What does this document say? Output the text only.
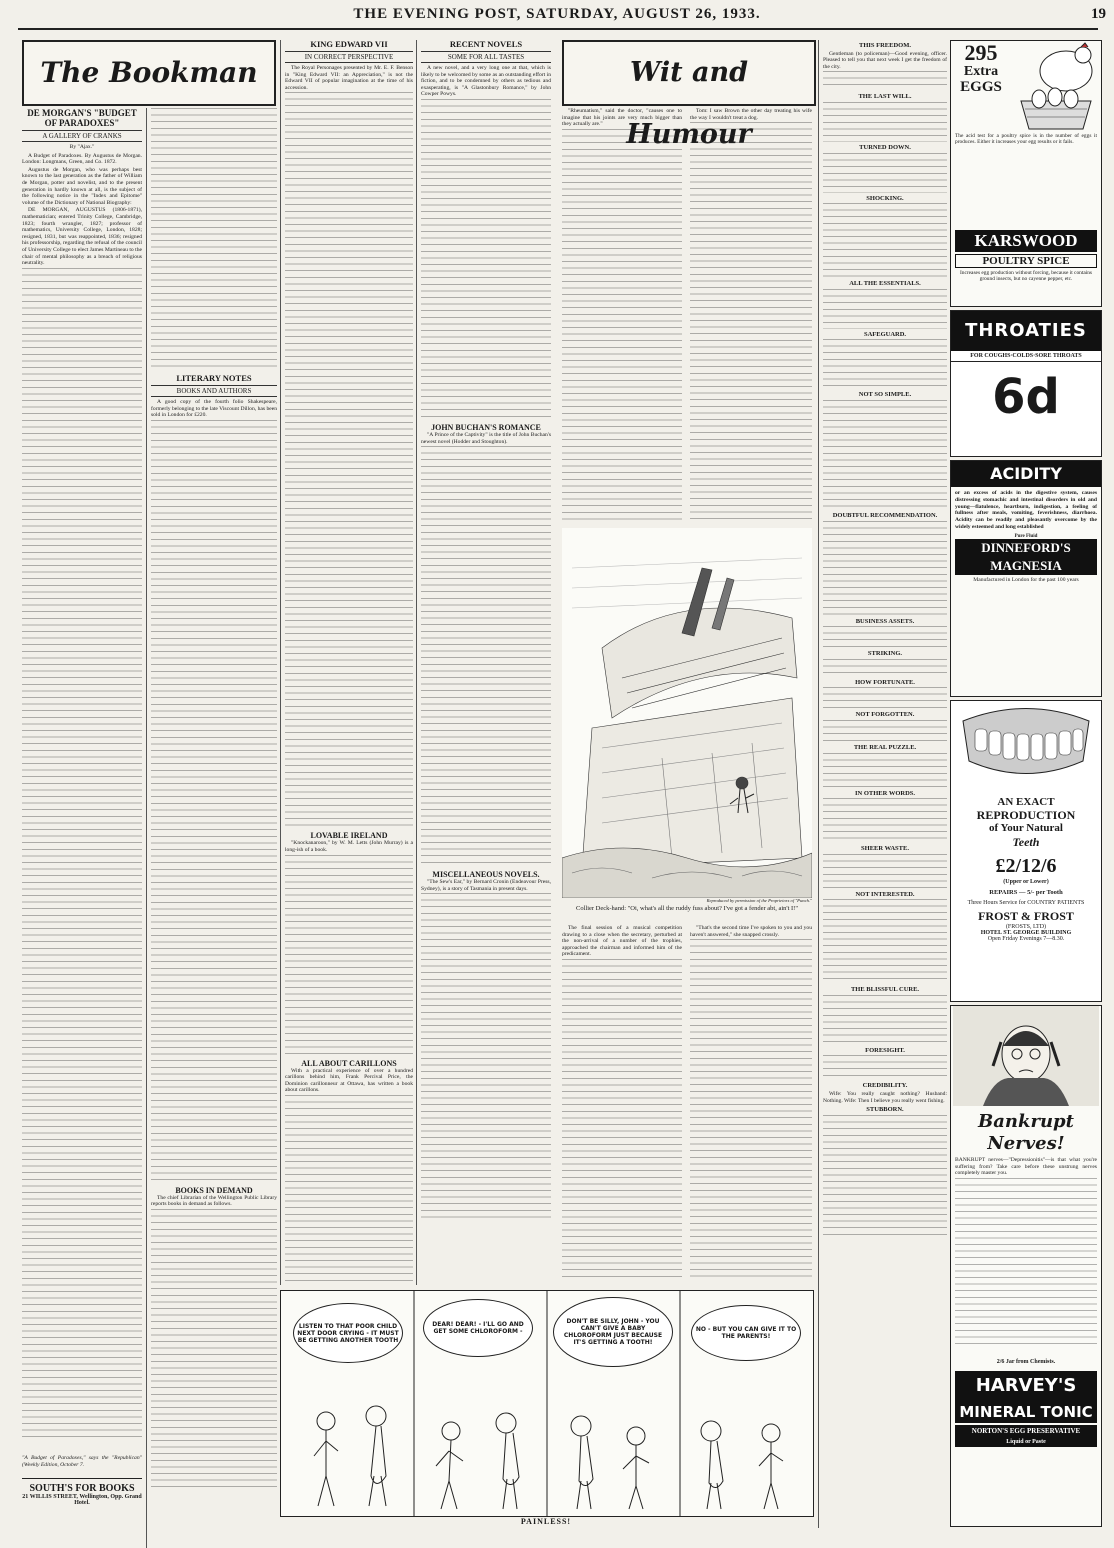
THE EVENING POST, SATURDAY, AUGUST 26, 1933.	19
The Bookman
DE MORGAN'S "BUDGET OF PARADOXES"
A GALLERY OF CRANKS
By "Ajax."

A Budget of Paradoxes. By Augustus de Morgan. London: Longmans, Green, and Co. 1872.

Augustus de Morgan, who was perhaps best known to the last generation as the father of William de Morgan, potter and novelist, and to the present generation in hardly known at all, is the subject of the following notice in the "Index and Epitome" volume of the Dictionary of National Biography:

DE MORGAN, AUGUSTUS (1806-1871), mathematician; entered Trinity College, Cambridge, 1823; fourth wrangler, 1827; professor of mathematics, University College, London, 1828; resigned, 1831, but was reappointed, 1836; resigned his professorship, regarding the refusal of the council of University College to elect James Martineau to the chair of mental philosophy as a breach of religious neutrality.

LITERARY NOTES
BOOKS AND AUTHORS

A good copy of the fourth folio Shakespeare, formerly belonging to the late Viscount Dillon, has been sold in London for £220.

BOOKS IN DEMAND

The chief Librarian of the Wellington Public Library reports books in demand as follows.

SOUTH'S FOR BOOKS
21 WILLIS STREET, Wellington, Opp. Grand Hotel.
"A Budget of Paradoxes," says the "Republican" (Weekly Edition, October 7.
KING EDWARD VII
IN CORRECT PERSPECTIVE

The Royal Personages presented by Mr. E. F. Benson in "King Edward VII: an Appreciation," is not the Edward VII of popular imagination at the time of his accession.

LOVABLE IRELAND

"Knockanaroon," by W. M. Letts (John Murray) is a long-ish of a book.

ALL ABOUT CARILLONS

With a practical experience of over a hundred carillons behind him, Frank Percival Price, the Dominion carillonneur at Ottawa, has written a book about carillons.

RECENT NOVELS
SOME FOR ALL TASTES

A new novel, and a very long one at that, which is likely to be welcomed by some as an outstanding effort in fiction, and to be condemned by others as tedious and exasperating, is "A Glastonbury Romance," by John Cowper Powys.

JOHN BUCHAN'S ROMANCE

"A Prince of the Captivity" is the title of John Buchan's newest novel (Hodder and Stoughton).

MISCELLANEOUS NOVELS.

"The Sew's Ear," by Bernard Cronin (Endeavour Press, Sydney), is a story of Tasmania in present days.

Wit and Humour

"Rheumatism," said the doctor, "causes one to imagine that his joints are very much bigger than they actually are."

Tom: I saw Brown the other day treating his wife the way I wouldn't treat a dog.

Reproduced by permission of the Proprietors of "Punch."
Collier Deck-hand: "Oi, what's all the ruddy fuss about? I've got a fender abt, ain't I!"

The final session of a musical competition drawing to a close when the secretary, perturbed at the non-arrival of a number of the trophies, approached the chairman and informed him of the predicament.

"That's the second time I've spoken to you and you haven't answered," she snapped crossly.

THIS FREEDOM.

Gentleman (to policeman)—Good evening, officer. Pleased to tell you that next week I get the freedom of the city.

THE LAST WILL.
TURNED DOWN.
SHOCKING.
ALL THE ESSENTIALS.
SAFEGUARD.
NOT SO SIMPLE.
DOUBTFUL RECOMMENDATION.
BUSINESS ASSETS.
STRIKING.
HOW FORTUNATE.
NOT FORGOTTEN.
THE REAL PUZZLE.
IN OTHER WORDS.
SHEER WASTE.
NOT INTERESTED.
THE BLISSFUL CURE.
FORESIGHT.
CREDIBILITY.

Wife: You really caught nothing? Husband: Nothing. Wife: Then I believe you really went fishing.

STUBBORN.
LISTEN TO THAT POOR CHILD NEXT DOOR CRYING - IT MUST BE GETTING ANOTHER TOOTH
DEAR! DEAR! - I'LL GO AND GET SOME CHLOROFORM -
DON'T BE SILLY, JOHN - YOU CAN'T GIVE A BABY CHLOROFORM JUST BECAUSE IT'S GETTING A TOOTH!
NO - BUT YOU CAN GIVE IT TO THE PARENTS!
PAINLESS!
295
Extra
EGGS
The acid test for a poultry spice is in the number of eggs it produces. Either it increases your egg results or it fails.
KARSWOOD
POULTRY SPICE
Increases egg production without forcing, because it contains ground insects, but no cayenne pepper, etc.
THROATIES
FOR COUGHS·COLDS·SORE THROATS
6d
ACIDITY
or an excess of acids in the digestive system, causes distressing stomachic and intestinal disorders in old and young—flatulence, heartburn, indigestion, a feeling of fullness after meals, vomiting, feverishness, diarrhoea. Acidity can be readily and pleasantly overcome by the widely esteemed and long established
Pure Fluid
DINNEFORD'S
MAGNESIA
Manufactured in London for the past 100 years
AN EXACT
REPRODUCTION
of Your Natural
Teeth
£2/12/6
(Upper or Lower)
REPAIRS — 5/- per Tooth
Three Hours Service for COUNTRY PATIENTS
FROST & FROST
(FROSTS, LTD)
HOTEL ST. GEORGE BUILDING
Open Friday Evenings 7—8.30.
Bankrupt Nerves!

BANKRUPT nerves—"Depressionitis"—is that what you're suffering from? Take care before these unstrung nerves completely master you.

2/6 Jar from Chemists.
HARVEY'S
MINERAL TONIC
NORTON'S EGG PRESERVATIVE
Liquid or Paste
